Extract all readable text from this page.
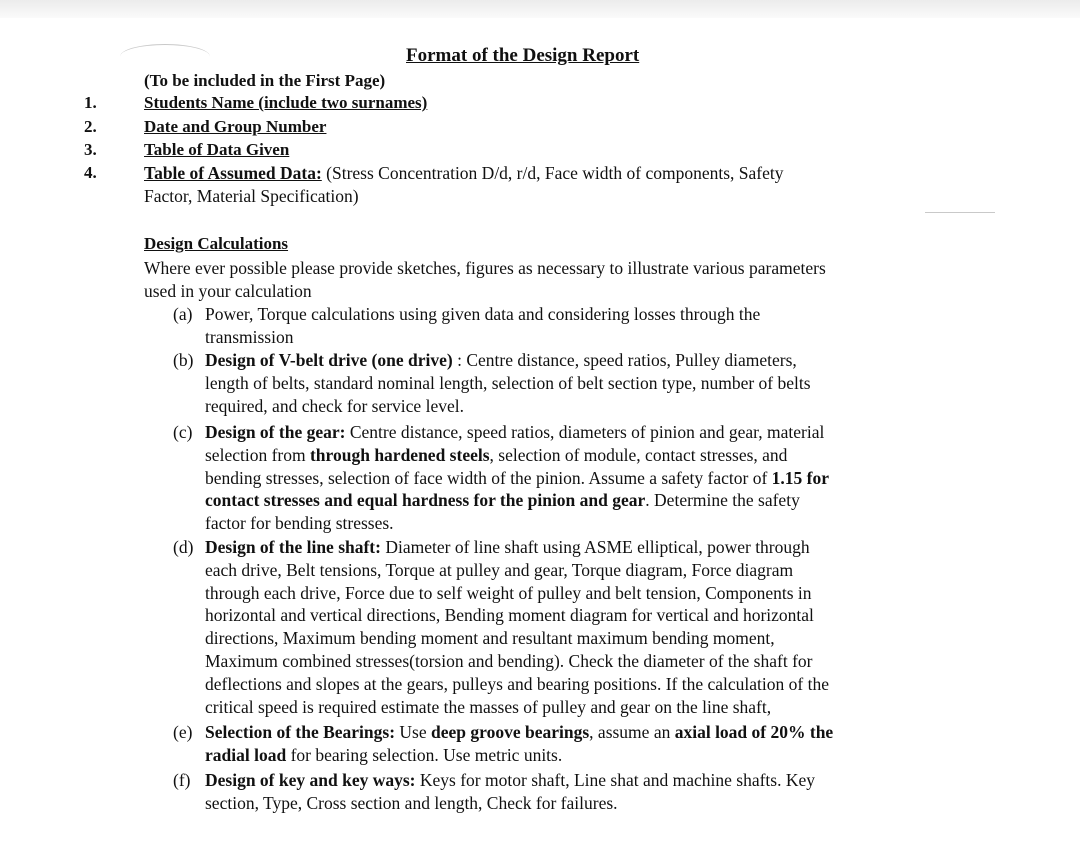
Format of the Design Report
(To be included in the First Page)
1.	Students Name (include two surnames)
2.	Date and Group Number
3.	Table of Data Given
4.	Table of Assumed Data: (Stress Concentration D/d, r/d, Face width of components, Safety
Factor, Material Specification)
Design Calculations
Where ever possible please provide sketches, figures as necessary to illustrate various parameters
used in your calculation
(a) Power, Torque calculations using given data and considering losses through the
transmission
(b) Design of V-belt drive (one drive) : Centre distance, speed ratios, Pulley diameters,
length of belts, standard nominal length, selection of belt section type, number of belts
required, and check for service level.
(c) Design of the gear: Centre distance, speed ratios, diameters of pinion and gear, material
selection from through hardened steels, selection of module, contact stresses, and
bending stresses, selection of face width of the pinion. Assume a safety factor of 1.15 for
contact stresses and equal hardness for the pinion and gear. Determine the safety
factor for bending stresses.
(d) Design of the line shaft: Diameter of line shaft using ASME elliptical, power through
each drive, Belt tensions, Torque at pulley and gear, Torque diagram, Force diagram
through each drive, Force due to self weight of pulley and belt tension, Components in
horizontal and vertical directions, Bending moment diagram for vertical and horizontal
directions, Maximum bending moment and resultant maximum bending moment,
Maximum combined stresses(torsion and bending). Check the diameter of the shaft for
deflections and slopes at the gears, pulleys and bearing positions. If the calculation of the
critical speed is required estimate the masses of pulley and gear on the line shaft,
(e) Selection of the Bearings: Use deep groove bearings, assume an axial load of 20% the
radial load for bearing selection. Use metric units.
(f) Design of key and key ways: Keys for motor shaft, Line shat and machine shafts. Key
section, Type, Cross section and length, Check for failures.
